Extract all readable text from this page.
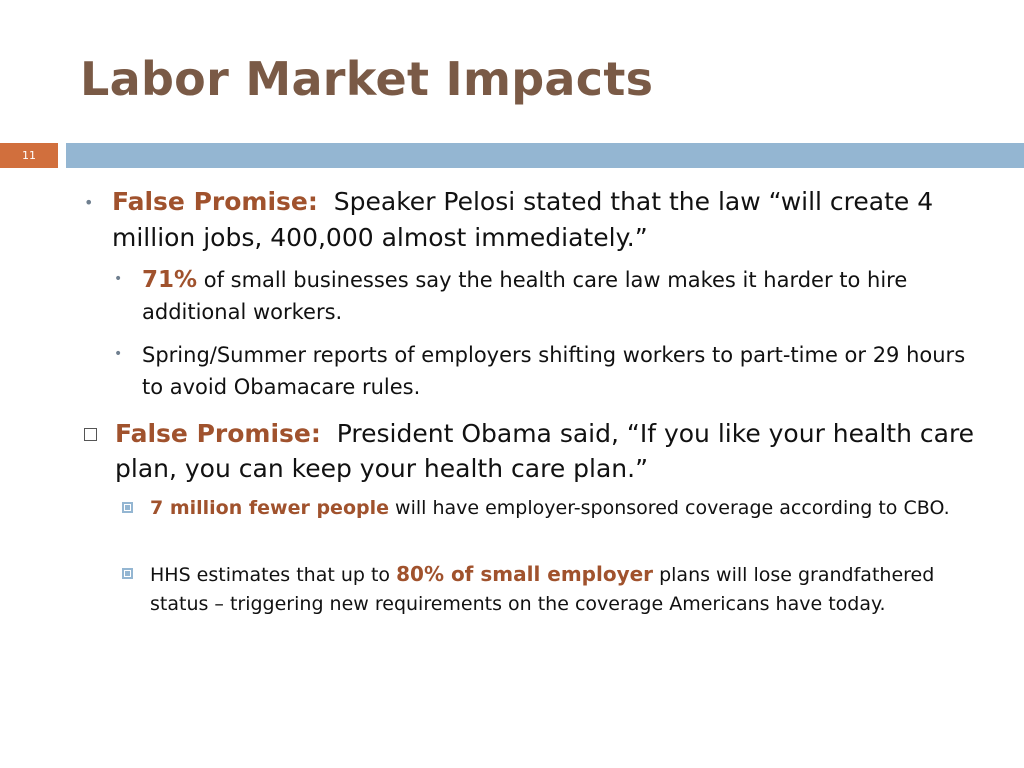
Labor Market Impacts
11
• False Promise: Speaker Pelosi stated that the law “will create 4 million jobs, 400,000 almost immediately.”
• 71% of small businesses say the health care law makes it harder to hire additional workers.
• Spring/Summer reports of employers shifting workers to part-time or 29 hours to avoid Obamacare rules.
False Promise: President Obama said, “If you like your health care plan, you can keep your health care plan.”
7 million fewer people will have employer-sponsored coverage according to CBO.
HHS estimates that up to 80% of small employer plans will lose grandfathered status – triggering new requirements on the coverage Americans have today.
